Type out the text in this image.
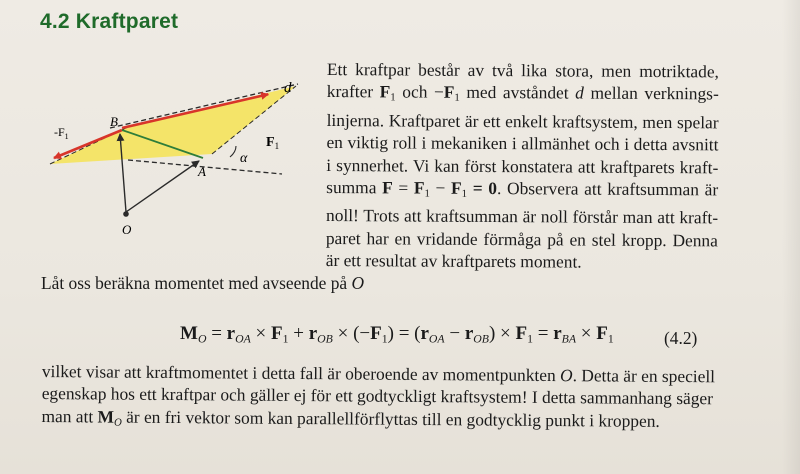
4.2 Kraftparet
d
B
A
O
α
$F_1$
$-F_1$
Ett kraftpar består av två lika stora, men motriktade, krafter $F_1$ och $-F_1$ med avståndet d mellan verkningslinjerna. Kraftparet är ett enkelt kraftsystem, men spelar en viktig roll i mekaniken i allmänhet och i detta avsnitt i synnerhet. Vi kan först konstatera att kraftparets kraftsumma $F = F_1 - F_1 = 0$. Observera att kraftsumman är noll! Trots att kraftsumman är noll förstår man att kraftparet har en vridande förmåga på en stel kropp. Denna är ett resultat av kraftparets moment.
Låt oss beräkna momentet med avseende på O
$M_O = r_{OA} \times F_1 + r_{OB} \times (-F_1) = (r_{OA} - r_{OB}) \times F_1 = r_{BA} \times F_1$	(4.2)
vilket visar att kraftmomentet i detta fall är oberoende av momentpunkten O. Detta är en speciell egenskap hos ett kraftpar och gäller ej för ett godtyckligt kraftsystem! I detta sammanhang säger man att $M_O$ är en fri vektor som kan parallellförflyttas till en godtycklig punkt i kroppen.
